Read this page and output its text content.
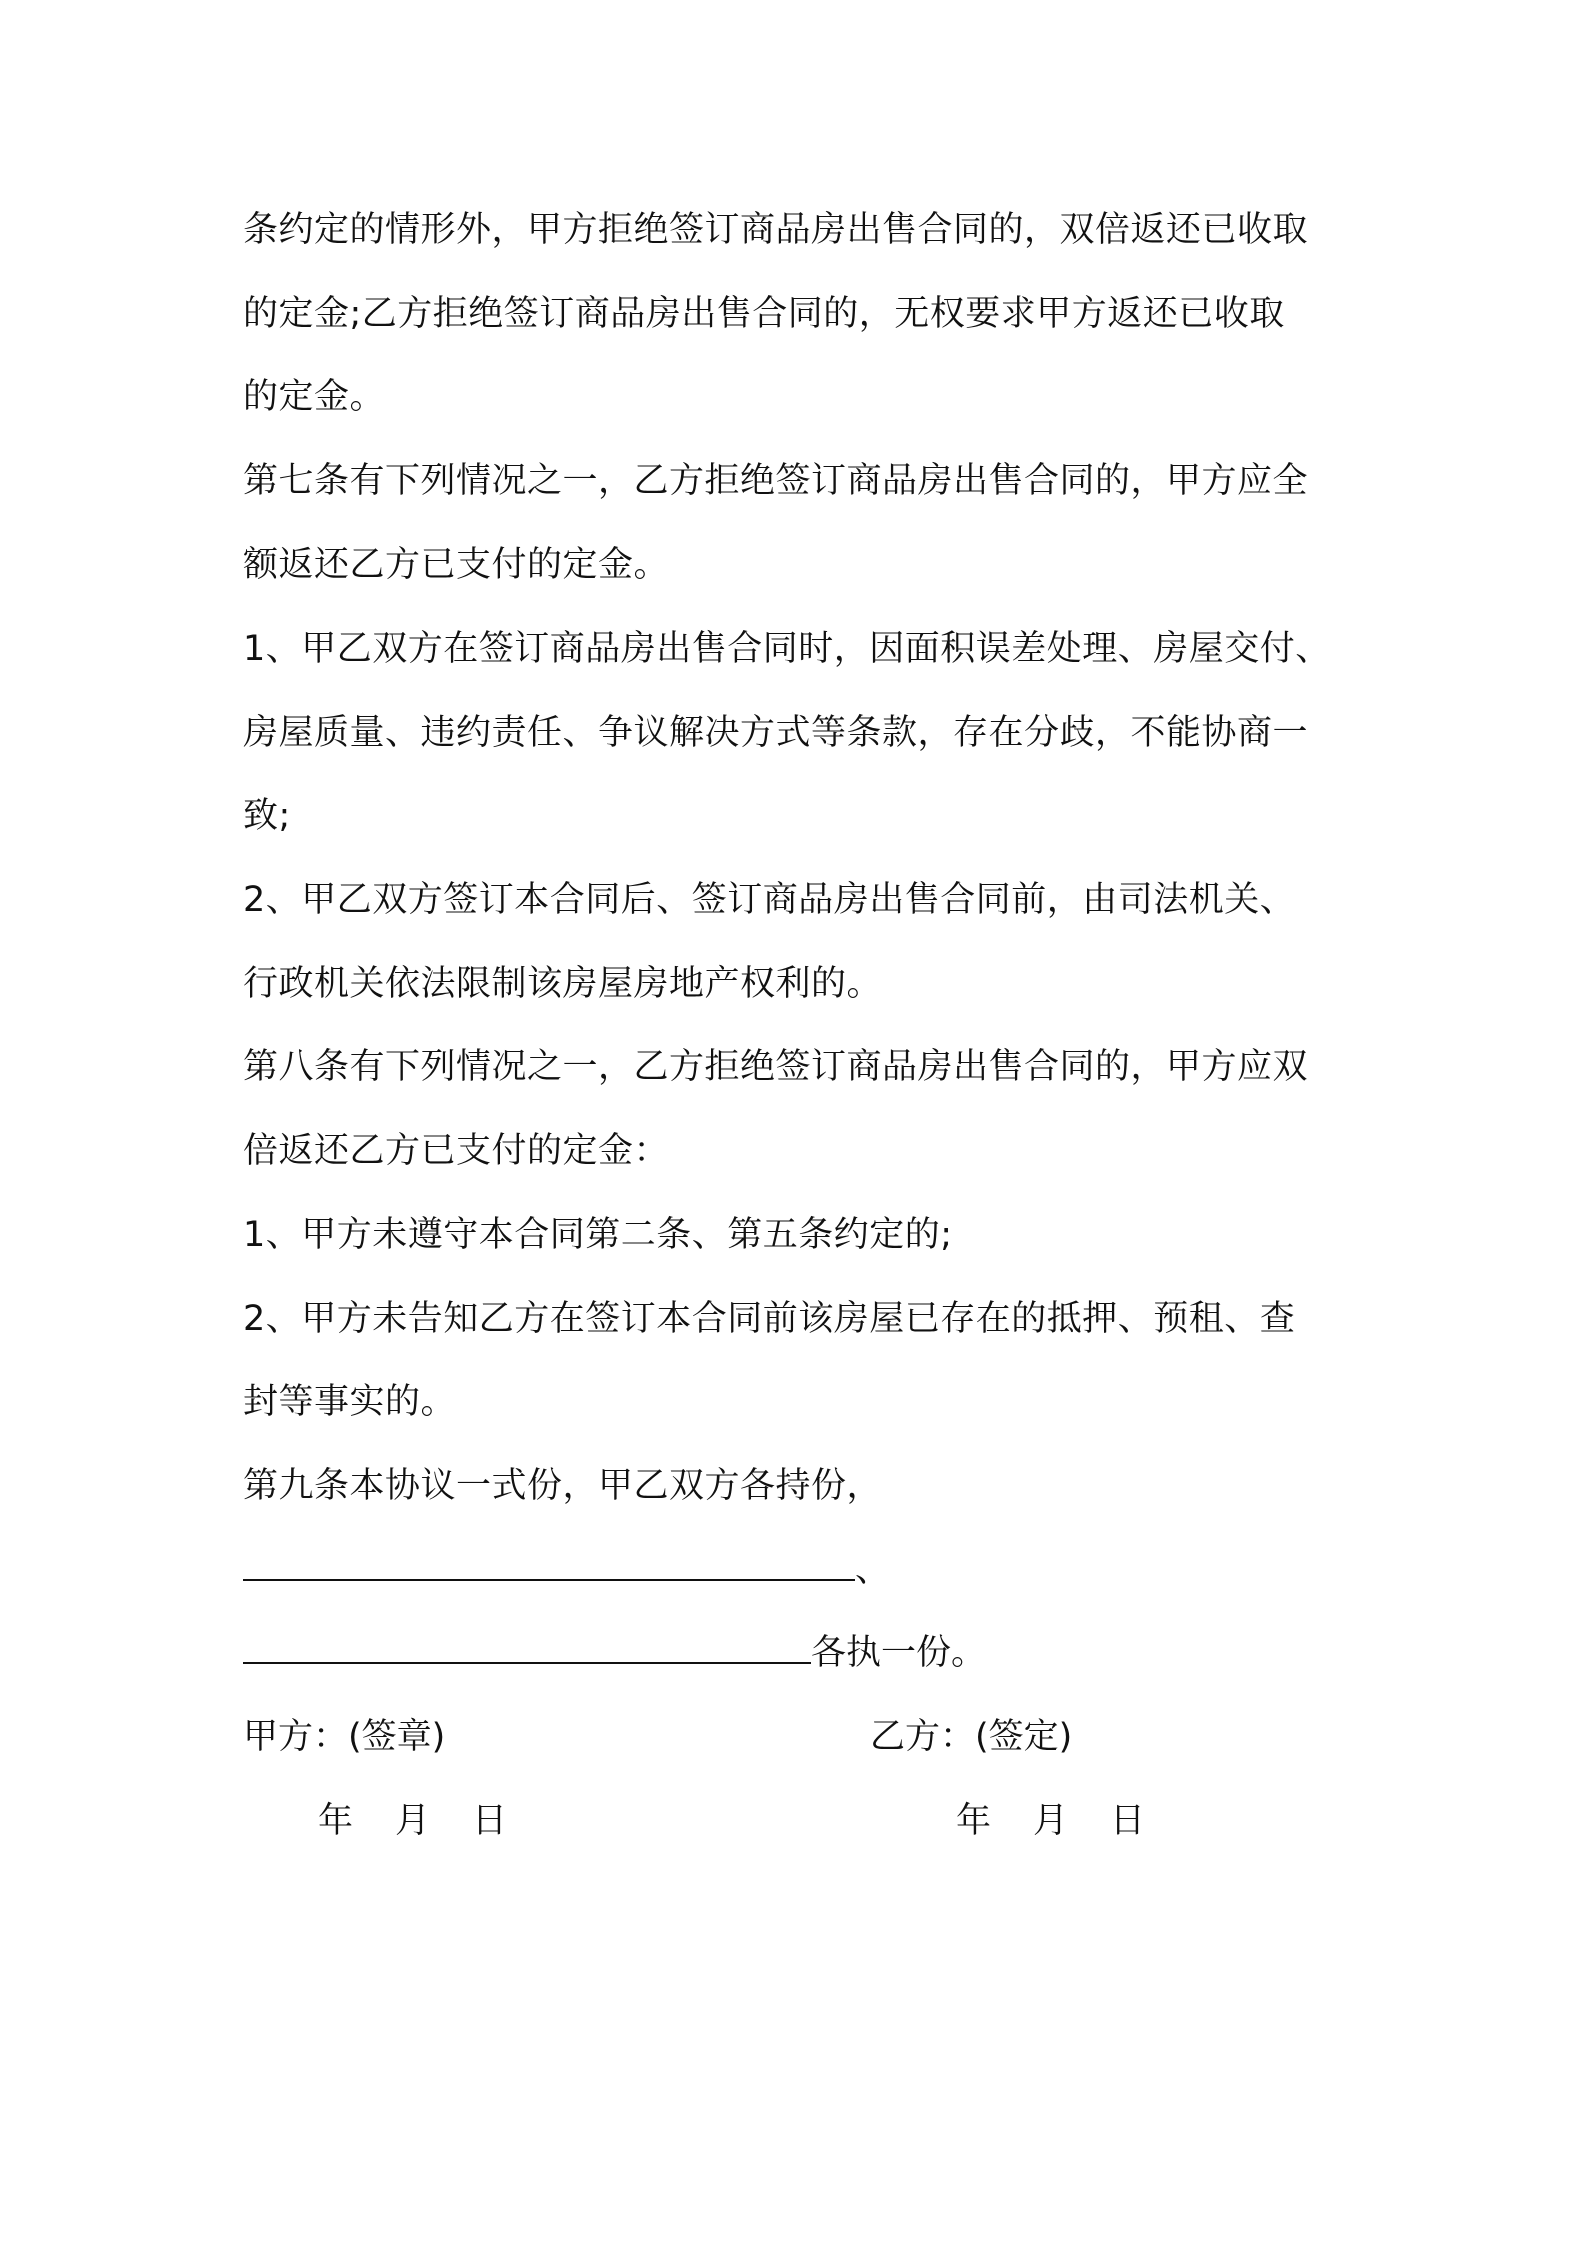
条约定的情形外，甲方拒绝签订商品房出售合同的，双倍返还已收取
的定金;乙方拒绝签订商品房出售合同的，无权要求甲方返还已收取
的定金。
第七条有下列情况之一，乙方拒绝签订商品房出售合同的，甲方应全
额返还乙方已支付的定金。
1、甲乙双方在签订商品房出售合同时，因面积误差处理、房屋交付、
房屋质量、违约责任、争议解决方式等条款，存在分歧，不能协商一
致;
2、甲乙双方签订本合同后、签订商品房出售合同前，由司法机关、
行政机关依法限制该房屋房地产权利的。
第八条有下列情况之一，乙方拒绝签订商品房出售合同的，甲方应双
倍返还乙方已支付的定金：
1、甲方未遵守本合同第二条、第五条约定的;
2、甲方未告知乙方在签订本合同前该房屋已存在的抵押、预租、查
封等事实的。
第九条本协议一式份，甲乙双方各持份，
、
各执一份。
甲方：(签章)	乙方：(签定)
年 月 日	年 月 日
